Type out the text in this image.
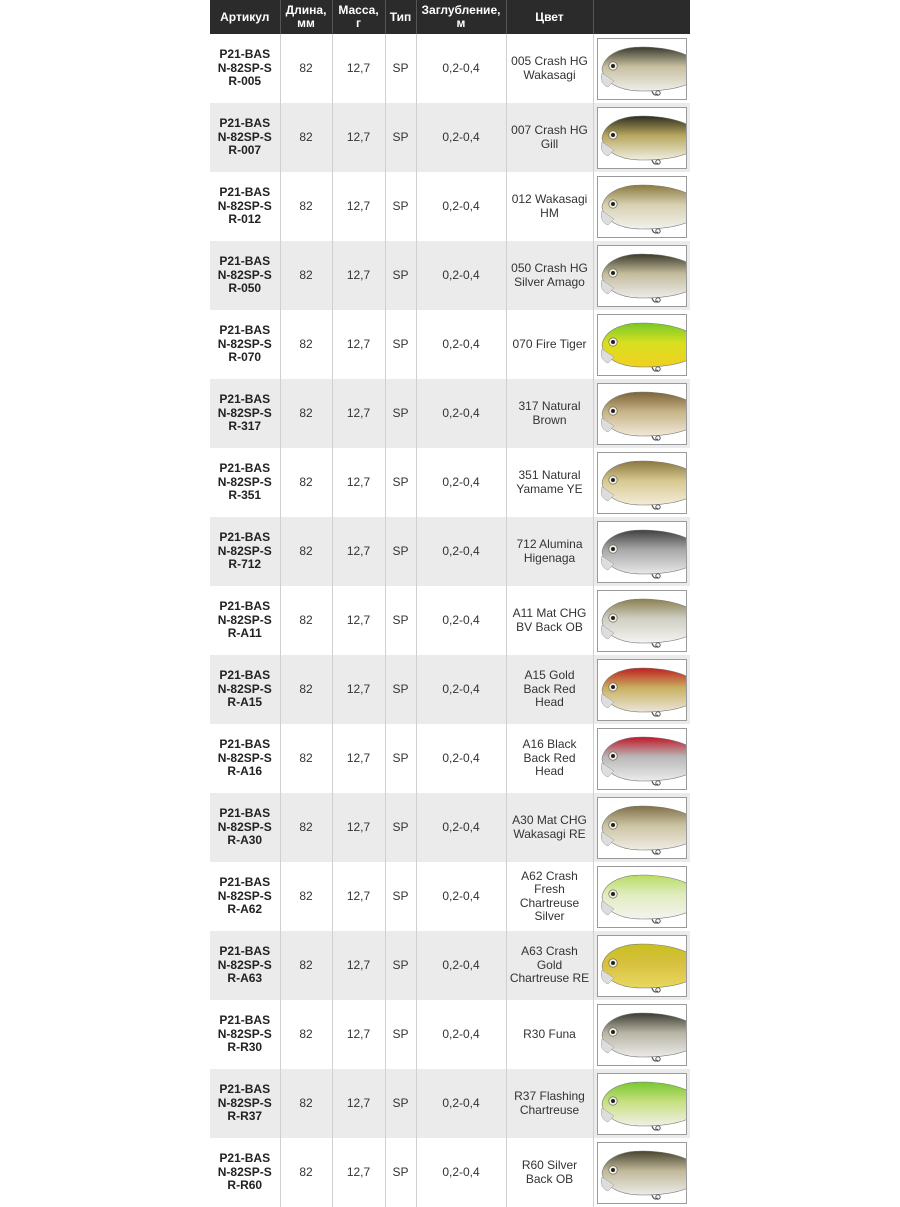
Артикул	Длина, мм	Масса, г	Тип	Заглубление, м	Цвет	
P21-BASN-82SP-SR-005	82	12,7	SP	0,2-0,4	005 Crash HG Wakasagi	

P21-BASN-82SP-SR-007	82	12,7	SP	0,2-0,4	007 Crash HG Gill	

P21-BASN-82SP-SR-012	82	12,7	SP	0,2-0,4	012 Wakasagi HM	

P21-BASN-82SP-SR-050	82	12,7	SP	0,2-0,4	050 Crash HG Silver Amago	

P21-BASN-82SP-SR-070	82	12,7	SP	0,2-0,4	070 Fire Tiger	

P21-BASN-82SP-SR-317	82	12,7	SP	0,2-0,4	317 Natural Brown	

P21-BASN-82SP-SR-351	82	12,7	SP	0,2-0,4	351 Natural Yamame YE	

P21-BASN-82SP-SR-712	82	12,7	SP	0,2-0,4	712 Alumina Higenaga	

P21-BASN-82SP-SR-A11	82	12,7	SP	0,2-0,4	A11 Mat CHG BV Back OB	

P21-BASN-82SP-SR-A15	82	12,7	SP	0,2-0,4	A15 Gold Back Red Head	

P21-BASN-82SP-SR-A16	82	12,7	SP	0,2-0,4	A16 Black Back Red Head	

P21-BASN-82SP-SR-A30	82	12,7	SP	0,2-0,4	A30 Mat CHG Wakasagi RE	

P21-BASN-82SP-SR-A62	82	12,7	SP	0,2-0,4	A62 Crash Fresh Chartreuse Silver	

P21-BASN-82SP-SR-A63	82	12,7	SP	0,2-0,4	A63 Crash Gold Chartreuse RE	

P21-BASN-82SP-SR-R30	82	12,7	SP	0,2-0,4	R30 Funa	

P21-BASN-82SP-SR-R37	82	12,7	SP	0,2-0,4	R37 Flashing Chartreuse	

P21-BASN-82SP-SR-R60	82	12,7	SP	0,2-0,4	R60 Silver Back OB	
